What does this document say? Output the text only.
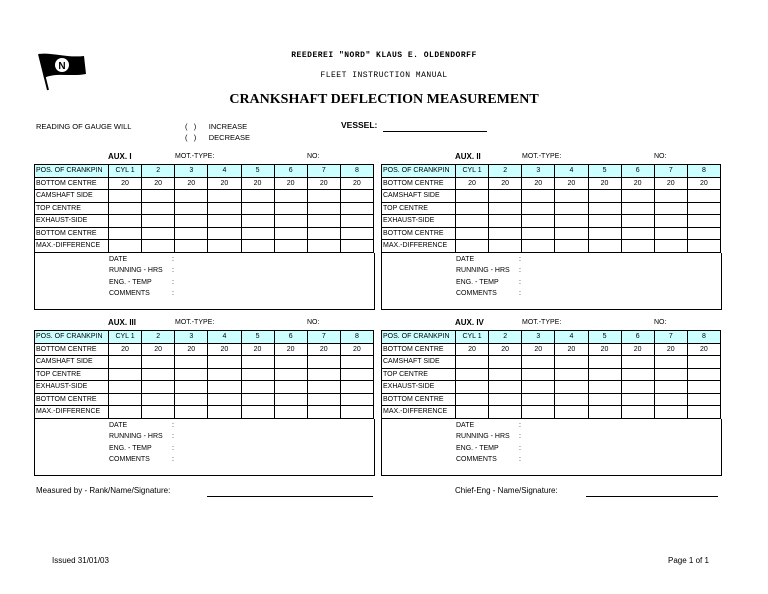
N
REEDEREI "NORD" KLAUS E. OLDENDORFF
FLEET INSTRUCTION MANUAL
CRANKSHAFT DEFLECTION MEASUREMENT
READING OF GAUGE WILL	(   )      INCREASE
(   )      DECREASE
VESSEL:
AUX. I	MOT.-TYPE:	NO:
POS. OF CRANKPIN	CYL 1	2	3	4	5	6	7	8
BOTTOM CENTRE	20	20	20	20	20	20	20	20
CAMSHAFT SIDE								
TOP CENTRE								
EXHAUST-SIDE								
BOTTOM CENTRE								
MAX.-DIFFERENCE								
DATE	:
RUNNING - HRS :
ENG. - TEMP	:
COMMENTS	:
AUX. II	MOT.-TYPE:	NO:
POS. OF CRANKPIN	CYL 1	2	3	4	5	6	7	8
BOTTOM CENTRE	20	20	20	20	20	20	20	20
CAMSHAFT SIDE								
TOP CENTRE								
EXHAUST-SIDE								
BOTTOM CENTRE								
MAX.-DIFFERENCE								
DATE	:
RUNNING - HRS :
ENG. - TEMP	:
COMMENTS	:
AUX. III	MOT.-TYPE:	NO:
POS. OF CRANKPIN	CYL 1	2	3	4	5	6	7	8
BOTTOM CENTRE	20	20	20	20	20	20	20	20
CAMSHAFT SIDE								
TOP CENTRE								
EXHAUST-SIDE								
BOTTOM CENTRE								
MAX.-DIFFERENCE								
DATE	:
RUNNING - HRS :
ENG. - TEMP	:
COMMENTS	:
AUX. IV	MOT.-TYPE:	NO:
POS. OF CRANKPIN	CYL 1	2	3	4	5	6	7	8
BOTTOM CENTRE	20	20	20	20	20	20	20	20
CAMSHAFT SIDE								
TOP CENTRE								
EXHAUST-SIDE								
BOTTOM CENTRE								
MAX.-DIFFERENCE								
DATE	:
RUNNING - HRS :
ENG. - TEMP	:
COMMENTS	:
Measured by - Rank/Name/Signature:	Chief-Eng - Name/Signature:
Issued 31/01/03	Page 1 of 1
